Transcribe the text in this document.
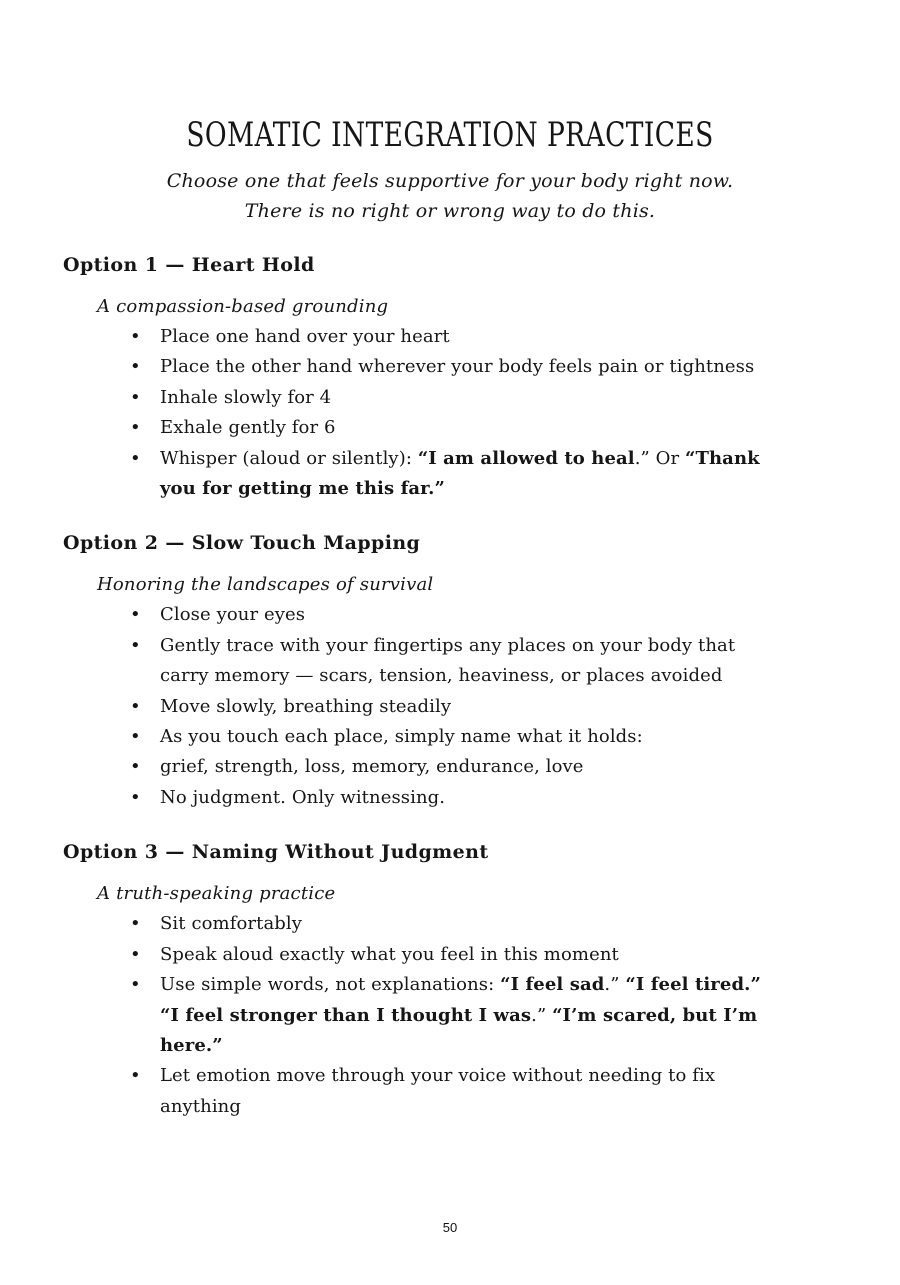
SOMATIC INTEGRATION PRACTICES
Choose one that feels supportive for your body right now.
There is no right or wrong way to do this.
Option 1 — Heart Hold

A compassion-based grounding

• Place one hand over your heart
• Place the other hand wherever your body feels pain or tightness
• Inhale slowly for 4
• Exhale gently for 6
• Whisper (aloud or silently): “I am allowed to heal.” Or “Thank you for getting me this far.”
Option 2 — Slow Touch Mapping

Honoring the landscapes of survival

• Close your eyes
• Gently trace with your fingertips any places on your body that carry memory — scars, tension, heaviness, or places avoided
• Move slowly, breathing steadily
• As you touch each place, simply name what it holds:
• grief, strength, loss, memory, endurance, love
• No judgment. Only witnessing.
Option 3 — Naming Without Judgment

A truth-speaking practice

• Sit comfortably
• Speak aloud exactly what you feel in this moment
• Use simple words, not explanations: “I feel sad.” “I feel tired.” “I feel stronger than I thought I was.” “I’m scared, but I’m here.”
• Let emotion move through your voice without needing to fix anything
50
